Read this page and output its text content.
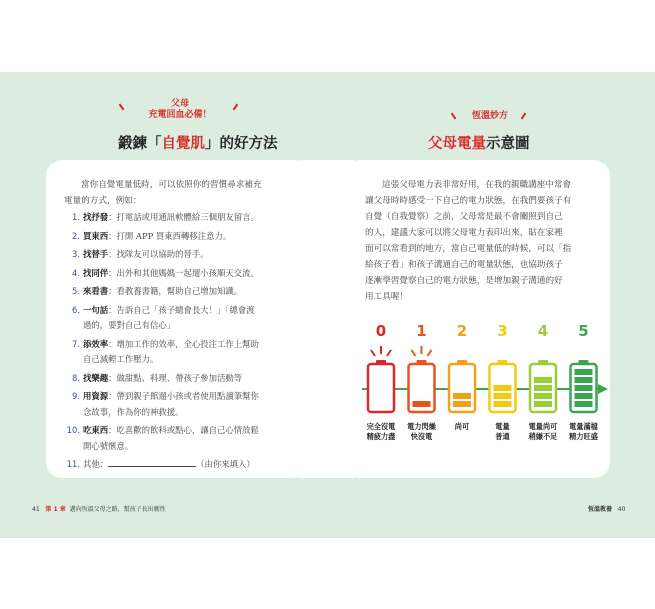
父母
充電回血必備！
鍛鍊「自覺肌」的好方法
恆溫妙方
父母電量示意圖
當你自覺電量低時，可以依照你的習慣尋求補充
電量的方式，例如：
1. 找抒發：打電話或用通訊軟體給三個朋友留言。
2. 買東西：打開 APP 買東西轉移注意力。
3. 找替手：找隊友可以協助的替手。
4. 找同伴：出外和其他媽媽一起遛小孩順天交流。
5. 來看書：看教養書籍，幫助自己增加知識。
6. 一句話：告訴自己「孩子總會長大！」「總會渡
過的，要對自己有信心」
7. 添效率：增加工作的效率，全心投注工作上幫助
自己減輕工作壓力。
8. 找樂趣：做甜點、料理、帶孩子參加活動等
9. 用資源：帶到親子館遛小孩或者使用點讀筆幫你
念故事，作為你的神救援。
10. 吃東西：吃喜歡的飲料或點心，讓自己心情放鬆
開心號愜意。
11. 其他：	（由你來填入）
這張父母電力表非常好用，在我的親職講座中常會
讓父母時時感受一下自己的電力狀態，在我們要孩子有
自覺（自我覺察）之前，父母常是最不會關照到自己
的人，建議大家可以將父母電力表印出來，貼在家裡
面可以常看到的地方，當自己電量低的時候，可以「指
給孩子看」和孩子溝通自己的電量狀態，也協助孩子
逐漸學習覺察自己的電力狀態，是增加親子溝通的好
用工具喔！
0
完全沒電
精疲力盡
1
電力閃燥
快沒電
2
尚可
3
電量
普通
4
電量尚可
稍嫌不足
5
電量滿檔
精力旺盛
41 第 1 章 邁向恆溫父母之路，幫孩子長出韌性	恆溫教養 40
